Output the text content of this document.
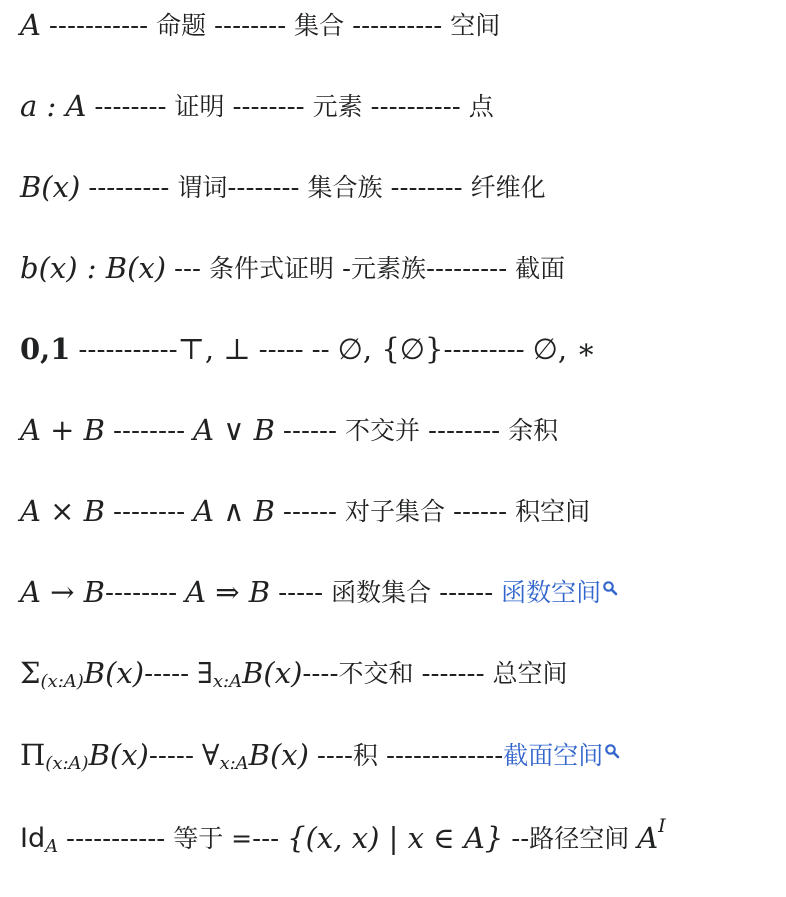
A ----------- 命题 -------- 集合 ---------- 空间
a : A -------- 证明 -------- 元素 ---------- 点
B(x) --------- 谓词 -------- 集合族 -------- 纤维化
b(x) : B(x) --- 条件式证明 - 元素族 --------- 截面
0,1 ----------- ⊤, ⊥ ----- -- ∅, {∅} --------- ∅, ∗
A + B -------- A ∨ B ------ 不交并 -------- 余积
A × B -------- A ∧ B ------ 对子集合 ------ 积空间
A → B -------- A ⇒ B ----- 函数集合 ------ 函数空间
Σ (x:A) B(x) ----- ∃ x:A B(x) ---- 不交和 ------- 总空间
Π (x:A) B(x) ----- ∀ x:A B(x) ---- 积 ------------- 截面空间
Id A ----------- 等于 = --- {(x, x) | x ∈ A} -- 路径空间 A I
